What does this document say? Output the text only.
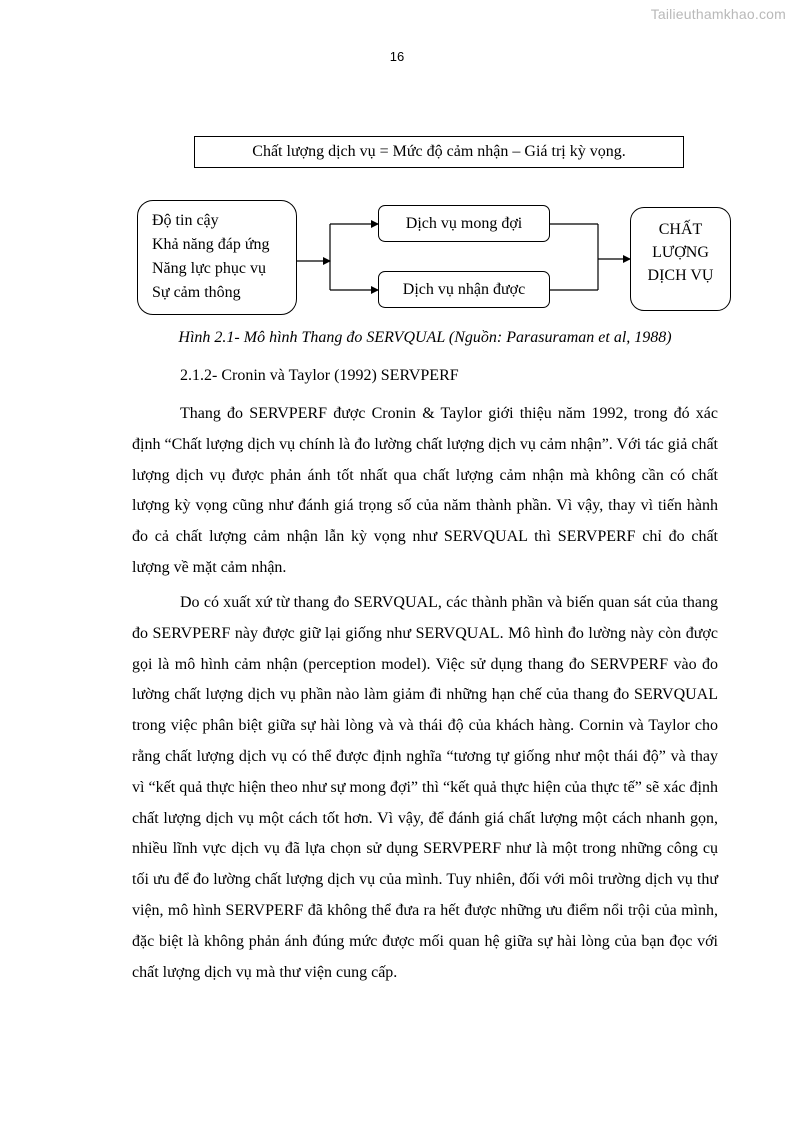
Tailieuthamkhao.com
16
Chất lượng dịch vụ = Mức độ cảm nhận – Giá trị kỳ vọng.
Độ tin cậy
Khả năng đáp ứng
Năng lực phục vụ
Sự cảm thông
Dịch vụ mong đợi
Dịch vụ nhận được
CHẤT
LƯỢNG
DỊCH VỤ
Hình 2.1- Mô hình Thang đo SERVQUAL (Nguồn: Parasuraman et al, 1988)
2.1.2- Cronin và Taylor (1992) SERVPERF

Thang đo SERVPERF được Cronin & Taylor giới thiệu năm 1992, trong đó xác định “Chất lượng dịch vụ chính là đo lường chất lượng dịch vụ cảm nhận”. Với tác giả chất lượng dịch vụ được phản ánh tốt nhất qua chất lượng cảm nhận mà không cần có chất lượng kỳ vọng cũng như đánh giá trọng số của năm thành phần. Vì vậy, thay vì tiến hành đo cả chất lượng cảm nhận lẫn kỳ vọng như SERVQUAL thì SERVPERF chỉ đo chất lượng về mặt cảm nhận.

Do có xuất xứ từ thang đo SERVQUAL, các thành phần và biến quan sát của thang đo SERVPERF này được giữ lại giống như SERVQUAL. Mô hình đo lường này còn được gọi là mô hình cảm nhận (perception model). Việc sử dụng thang đo SERVPERF vào đo lường chất lượng dịch vụ phần nào làm giảm đi những hạn chế của thang đo SERVQUAL trong việc phân biệt giữa sự hài lòng và và thái độ của khách hàng. Cornin và Taylor cho rằng chất lượng dịch vụ có thể được định nghĩa “tương tự giống như một thái độ” và thay vì “kết quả thực hiện theo như sự mong đợi” thì “kết quả thực hiện của thực tế” sẽ xác định chất lượng dịch vụ một cách tốt hơn. Vì vậy, để đánh giá chất lượng một cách nhanh gọn, nhiều lĩnh vực dịch vụ đã lựa chọn sử dụng SERVPERF như là một trong những công cụ tối ưu để đo lường chất lượng dịch vụ của mình. Tuy nhiên, đối với môi trường dịch vụ thư viện, mô hình SERVPERF đã không thể đưa ra hết được những ưu điểm nổi trội của mình, đặc biệt là không phản ánh đúng mức được mối quan hệ giữa sự hài lòng của bạn đọc với chất lượng dịch vụ mà thư viện cung cấp.
